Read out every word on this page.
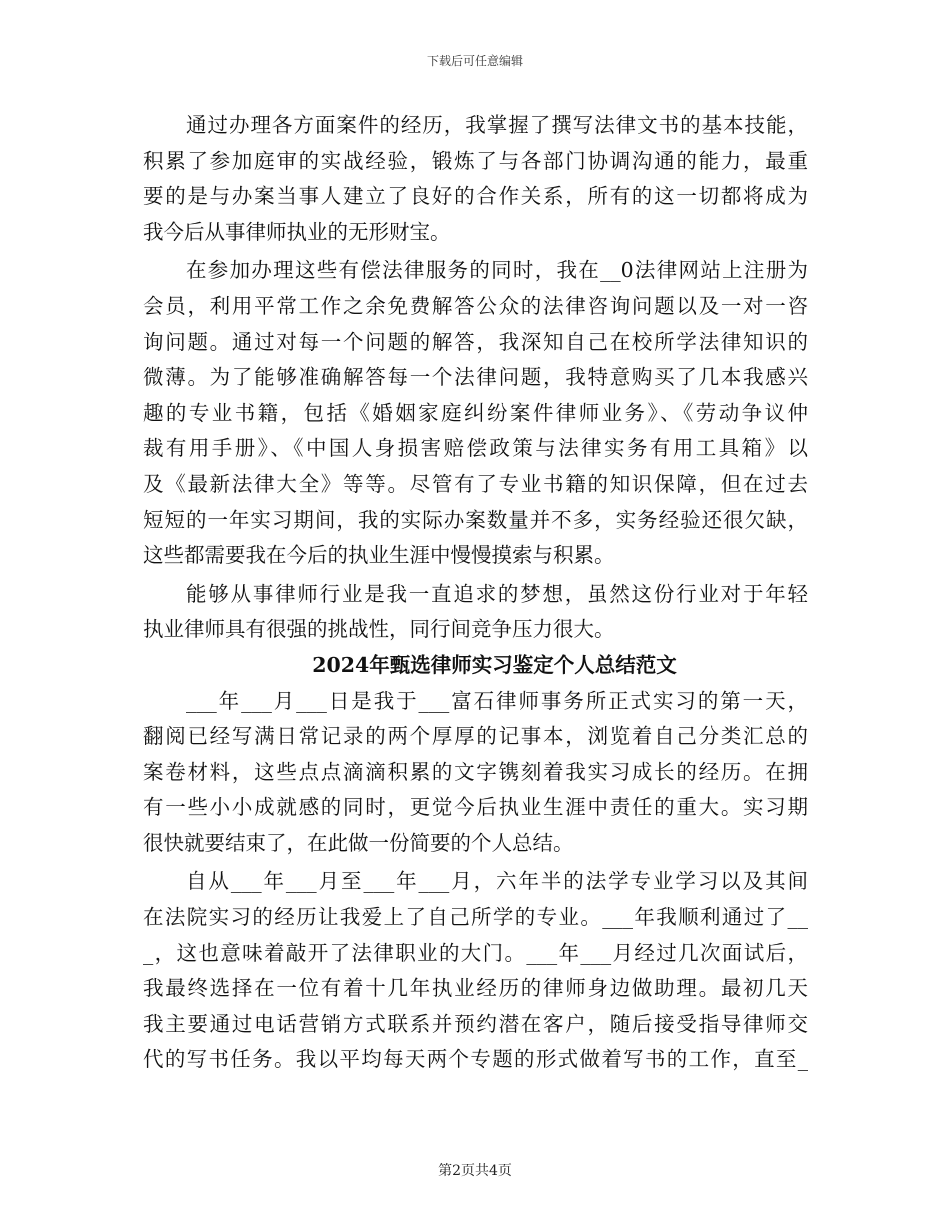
下载后可任意编辑
通过办理各方面案件的经历，我掌握了撰写法律文书的基本技能，
积累了参加庭审的实战经验，锻炼了与各部门协调沟通的能力，最重
要的是与办案当事人建立了良好的合作关系，所有的这一切都将成为
我今后从事律师执业的无形财宝。
在参加办理这些有偿法律服务的同时，我在__0法律网站上注册为
会员，利用平常工作之余免费解答公众的法律咨询问题以及一对一咨
询问题。通过对每一个问题的解答，我深知自己在校所学法律知识的
微薄。为了能够准确解答每一个法律问题，我特意购买了几本我感兴
趣的专业书籍，包括《婚姻家庭纠纷案件律师业务》、《劳动争议仲
裁有用手册》、《中国人身损害赔偿政策与法律实务有用工具箱》以
及《最新法律大全》等等。尽管有了专业书籍的知识保障，但在过去
短短的一年实习期间，我的实际办案数量并不多，实务经验还很欠缺，
这些都需要我在今后的执业生涯中慢慢摸索与积累。
能够从事律师行业是我一直追求的梦想，虽然这份行业对于年轻
执业律师具有很强的挑战性，同行间竞争压力很大。
2024年甄选律师实习鉴定个人总结范文
___年___月___日是我于___富石律师事务所正式实习的第一天，
翻阅已经写满日常记录的两个厚厚的记事本，浏览着自己分类汇总的
案卷材料，这些点点滴滴积累的文字镌刻着我实习成长的经历。在拥
有一些小小成就感的同时，更觉今后执业生涯中责任的重大。实习期
很快就要结束了，在此做一份简要的个人总结。
自从___年___月至___年___月，六年半的法学专业学习以及其间
在法院实习的经历让我爱上了自己所学的专业。___年我顺利通过了__
_，这也意味着敲开了法律职业的大门。___年___月经过几次面试后，
我最终选择在一位有着十几年执业经历的律师身边做助理。最初几天
我主要通过电话营销方式联系并预约潜在客户，随后接受指导律师交
代的写书任务。我以平均每天两个专题的形式做着写书的工作，直至_
第2页共4页
